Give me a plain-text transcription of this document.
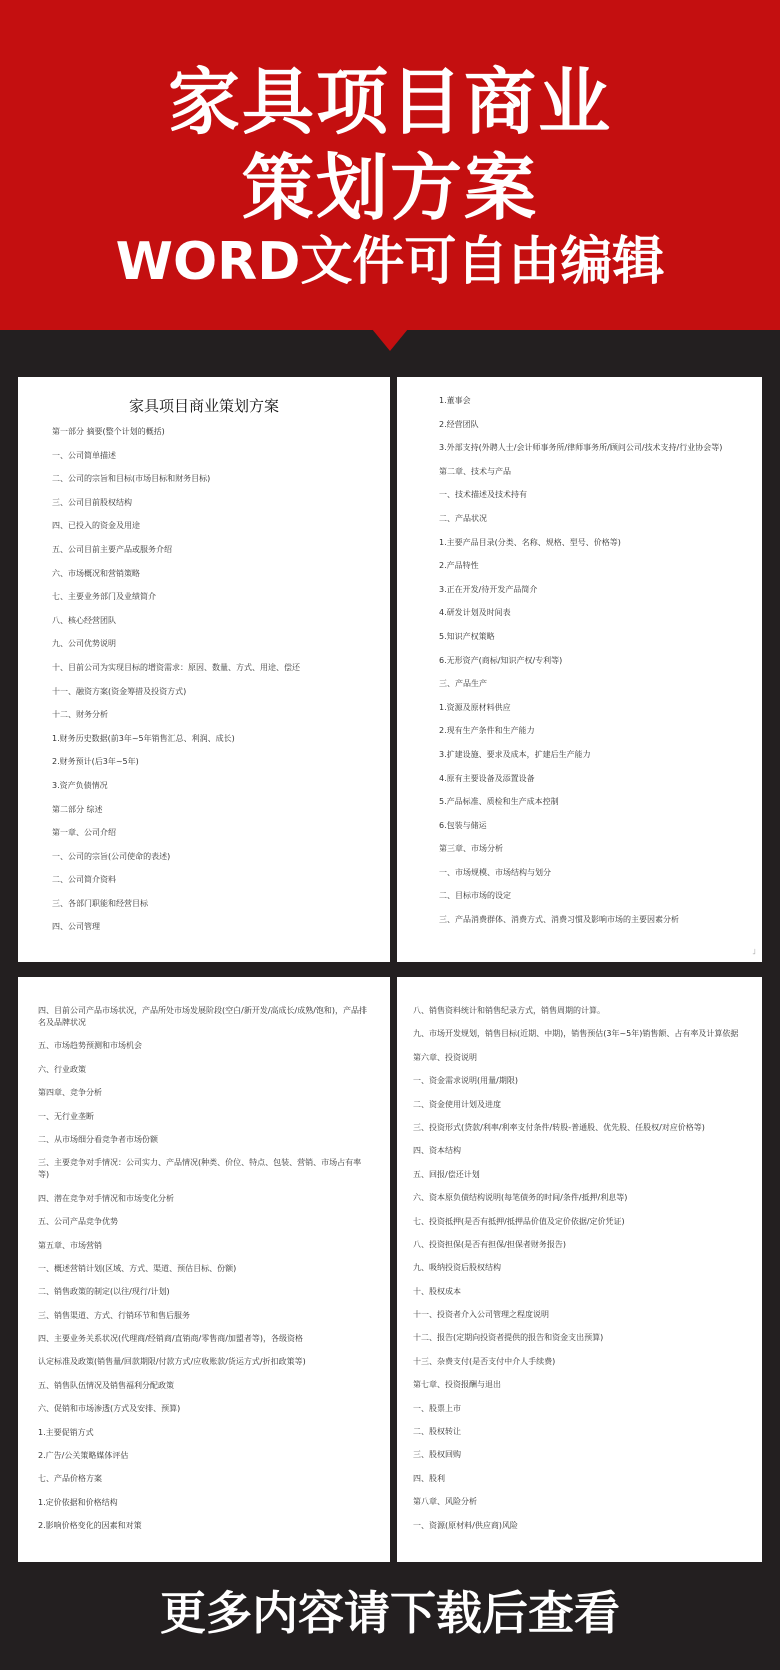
家具项目商业
策划方案
WORD文件可自由编辑
家具项目商业策划方案
第一部分 摘要(整个计划的概括)
一、公司简单描述
二、公司的宗旨和目标(市场目标和财务目标)
三、公司目前股权结构
四、已投入的资金及用途
五、公司目前主要产品或服务介绍
六、市场概况和营销策略
七、主要业务部门及业绩简介
八、核心经营团队
九、公司优势说明
十、目前公司为实现目标的增资需求：原因、数量、方式、用途、偿还
十一、融资方案(资金筹措及投资方式)
十二、财务分析
1.财务历史数据(前3年~5年销售汇总、利润、成长)
2.财务预计(后3年~5年)
3.资产负债情况
第二部分 综述
第一章、公司介绍
一、公司的宗旨(公司使命的表述)
二、公司简介资料
三、各部门职能和经营目标
四、公司管理
1.董事会
2.经营团队
3.外部支持(外聘人士/会计师事务所/律师事务所/顾问公司/技术支持/行业协会等)
第二章、技术与产品
一、技术描述及技术持有
二、产品状况
1.主要产品目录(分类、名称、规格、型号、价格等)
2.产品特性
3.正在开发/待开发产品简介
4.研发计划及时间表
5.知识产权策略
6.无形资产(商标/知识产权/专利等)
三、产品生产
1.资源及原材料供应
2.现有生产条件和生产能力
3.扩建设施、要求及成本，扩建后生产能力
4.原有主要设备及添置设备
5.产品标准、质检和生产成本控制
6.包装与储运
第三章、市场分析
一、市场规模、市场结构与划分
二、目标市场的设定
三、产品消费群体、消费方式、消费习惯及影响市场的主要因素分析
˩
四、目前公司产品市场状况，产品所处市场发展阶段(空白/新开发/高成长/成熟/饱和)，产品排名及品牌状况
五、市场趋势预测和市场机会
六、行业政策
第四章、竞争分析
一、无行业垄断
二、从市场细分看竞争者市场份额
三、主要竞争对手情况：公司实力、产品情况(种类、价位、特点、包装、营销、市场占有率等)
四、潜在竞争对手情况和市场变化分析
五、公司产品竞争优势
第五章、市场营销
一、概述营销计划(区域、方式、渠道、预估目标、份额)
二、销售政策的制定(以往/现行/计划)
三、销售渠道、方式、行销环节和售后服务
四、主要业务关系状况(代理商/经销商/直销商/零售商/加盟者等)，各级资格
认定标准及政策(销售量/回款期限/付款方式/应收账款/货运方式/折扣政策等)
五、销售队伍情况及销售福利分配政策
六、促销和市场渗透(方式及安排、预算)
1.主要促销方式
2.广告/公关策略媒体评估
七、产品价格方案
1.定价依据和价格结构
2.影响价格变化的因素和对策
八、销售资料统计和销售纪录方式，销售周期的计算。
九、市场开发规划，销售目标(近期、中期)，销售预估(3年~5年)销售额、占有率及计算依据
第六章、投资说明
一、资金需求说明(用量/期限)
二、资金使用计划及进度
三、投资形式(贷款/利率/利率支付条件/转股-普通股、优先股、任股权/对应价格等)
四、资本结构
五、回报/偿还计划
六、资本原负债结构说明(每笔债务的时间/条件/抵押/利息等)
七、投资抵押(是否有抵押/抵押品价值及定价依据/定价凭证)
八、投资担保(是否有担保/担保者财务报告)
九、吸纳投资后股权结构
十、股权成本
十一、投资者介入公司管理之程度说明
十二、报告(定期向投资者提供的报告和资金支出预算)
十三、杂费支付(是否支付中介人手续费)
第七章、投资报酬与退出
一、股票上市
二、股权转让
三、股权回购
四、股利
第八章、风险分析
一、资源(原材料/供应商)风险
更多内容请下载后查看
